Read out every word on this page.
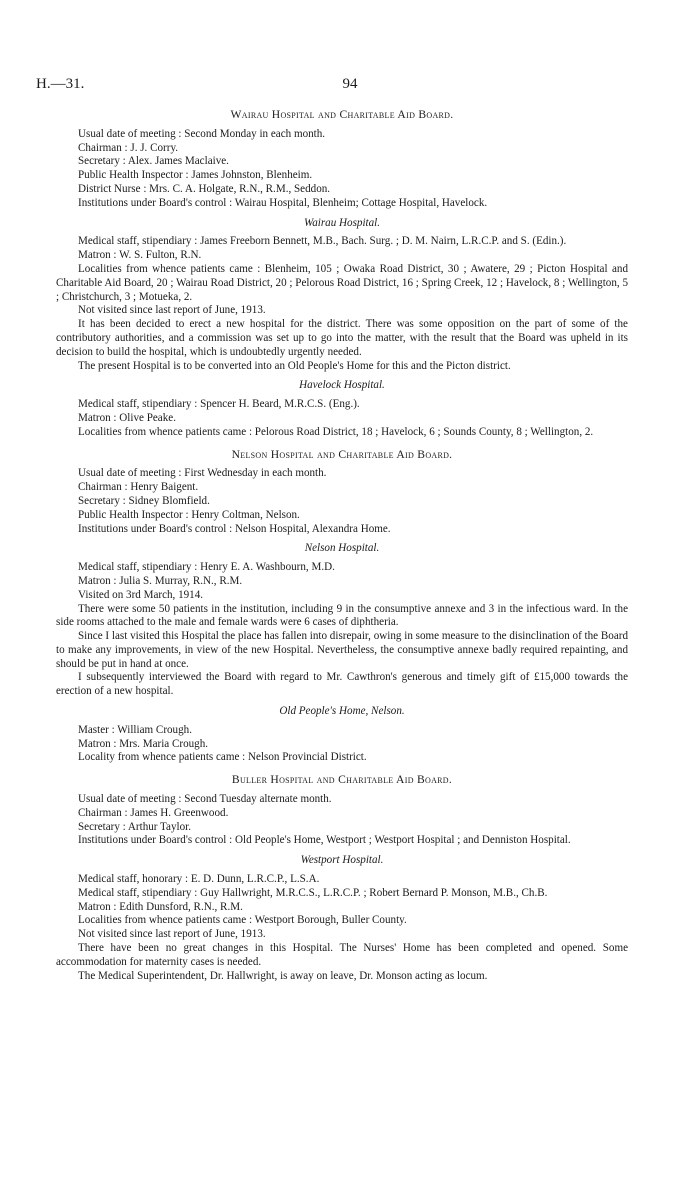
H.—31.	94
Wairau Hospital and Charitable Aid Board.
Usual date of meeting : Second Monday in each month.
Chairman : J. J. Corry.
Secretary : Alex. James Maclaive.
Public Health Inspector : James Johnston, Blenheim.
District Nurse : Mrs. C. A. Holgate, R.N., R.M., Seddon.
Institutions under Board's control : Wairau Hospital, Blenheim; Cottage Hospital, Havelock.
Wairau Hospital.
Medical staff, stipendiary : James Freeborn Bennett, M.B., Bach. Surg. ; D. M. Nairn, L.R.C.P. and S. (Edin.).
Matron : W. S. Fulton, R.N.
Localities from whence patients came : Blenheim, 105 ; Owaka Road District, 30 ; Awatere, 29 ; Picton Hospital and Charitable Aid Board, 20 ; Wairau Road District, 20 ; Pelorous Road District, 16 ; Spring Creek, 12 ; Havelock, 8 ; Wellington, 5 ; Christchurch, 3 ; Motueka, 2.
Not visited since last report of June, 1913.
It has been decided to erect a new hospital for the district. There was some opposition on the part of some of the contributory authorities, and a commission was set up to go into the matter, with the result that the Board was upheld in its decision to build the hospital, which is undoubtedly urgently needed.
The present Hospital is to be converted into an Old People's Home for this and the Picton district.
Havelock Hospital.
Medical staff, stipendiary : Spencer H. Beard, M.R.C.S. (Eng.).
Matron : Olive Peake.
Localities from whence patients came : Pelorous Road District, 18 ; Havelock, 6 ; Sounds County, 8 ; Wellington, 2.
Nelson Hospital and Charitable Aid Board.
Usual date of meeting : First Wednesday in each month.
Chairman : Henry Baigent.
Secretary : Sidney Blomfield.
Public Health Inspector : Henry Coltman, Nelson.
Institutions under Board's control : Nelson Hospital, Alexandra Home.
Nelson Hospital.
Medical staff, stipendiary : Henry E. A. Washbourn, M.D.
Matron : Julia S. Murray, R.N., R.M.
Visited on 3rd March, 1914.
There were some 50 patients in the institution, including 9 in the consumptive annexe and 3 in the infectious ward. In the side rooms attached to the male and female wards were 6 cases of diphtheria.
Since I last visited this Hospital the place has fallen into disrepair, owing in some measure to the disinclination of the Board to make any improvements, in view of the new Hospital. Nevertheless, the consumptive annexe badly required repainting, and should be put in hand at once.
I subsequently interviewed the Board with regard to Mr. Cawthron's generous and timely gift of £15,000 towards the erection of a new hospital.
Old People's Home, Nelson.
Master : William Crough.
Matron : Mrs. Maria Crough.
Locality from whence patients came : Nelson Provincial District.
Buller Hospital and Charitable Aid Board.
Usual date of meeting : Second Tuesday alternate month.
Chairman : James H. Greenwood.
Secretary : Arthur Taylor.
Institutions under Board's control : Old People's Home, Westport ; Westport Hospital ; and Denniston Hospital.
Westport Hospital.
Medical staff, honorary : E. D. Dunn, L.R.C.P., L.S.A.
Medical staff, stipendiary : Guy Hallwright, M.R.C.S., L.R.C.P. ; Robert Bernard P. Monson, M.B., Ch.B.
Matron : Edith Dunsford, R.N., R.M.
Localities from whence patients came : Westport Borough, Buller County.
Not visited since last report of June, 1913.
There have been no great changes in this Hospital. The Nurses' Home has been completed and opened. Some accommodation for maternity cases is needed.
The Medical Superintendent, Dr. Hallwright, is away on leave, Dr. Monson acting as locum.
